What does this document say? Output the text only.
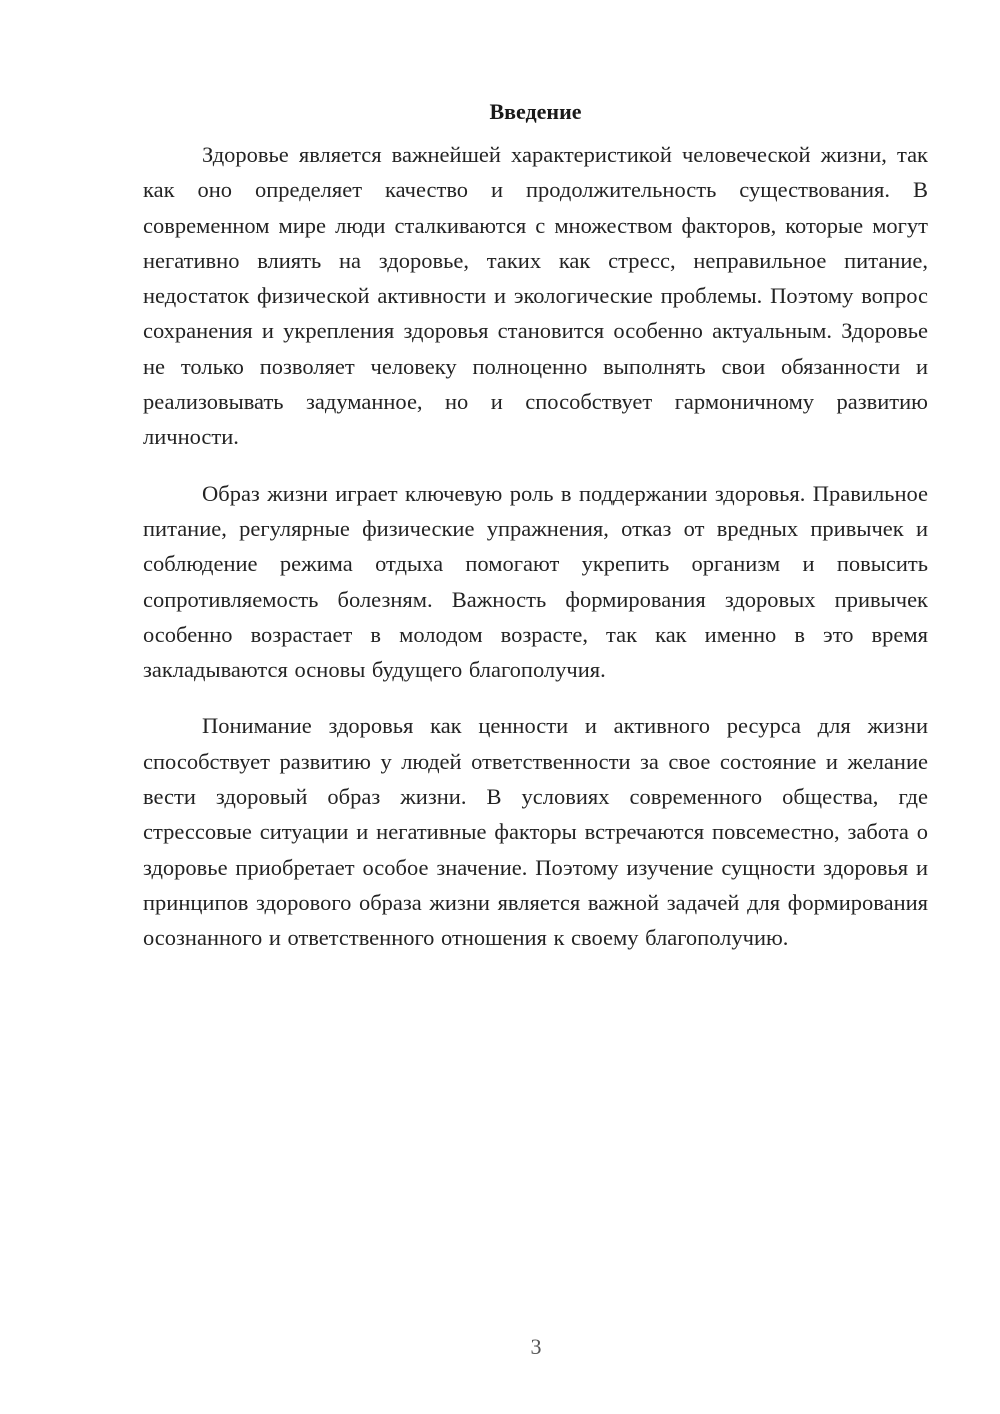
Введение

Здоровье является важнейшей характеристикой человеческой жизни, так как оно определяет качество и продолжительность существования. В современном мире люди сталкиваются с множеством факторов, которые могут негативно влиять на здоровье, таких как стресс, неправильное питание, недостаток физической активности и экологические проблемы. Поэтому вопрос сохранения и укрепления здоровья становится особенно актуальным. Здоровье не только позволяет человеку полноценно выполнять свои обязанности и реализовывать задуманное, но и способствует гармоничному развитию личности.

Образ жизни играет ключевую роль в поддержании здоровья. Правильное питание, регулярные физические упражнения, отказ от вредных привычек и соблюдение режима отдыха помогают укрепить организм и повысить сопротивляемость болезням. Важность формирования здоровых привычек особенно возрастает в молодом возрасте, так как именно в это время закладываются основы будущего благополучия.

Понимание здоровья как ценности и активного ресурса для жизни способствует развитию у людей ответственности за свое состояние и желание вести здоровый образ жизни. В условиях современного общества, где стрессовые ситуации и негативные факторы встречаются повсеместно, забота о здоровье приобретает особое значение. Поэтому изучение сущности здоровья и принципов здорового образа жизни является важной задачей для формирования осознанного и ответственного отношения к своему благополучию.

3
